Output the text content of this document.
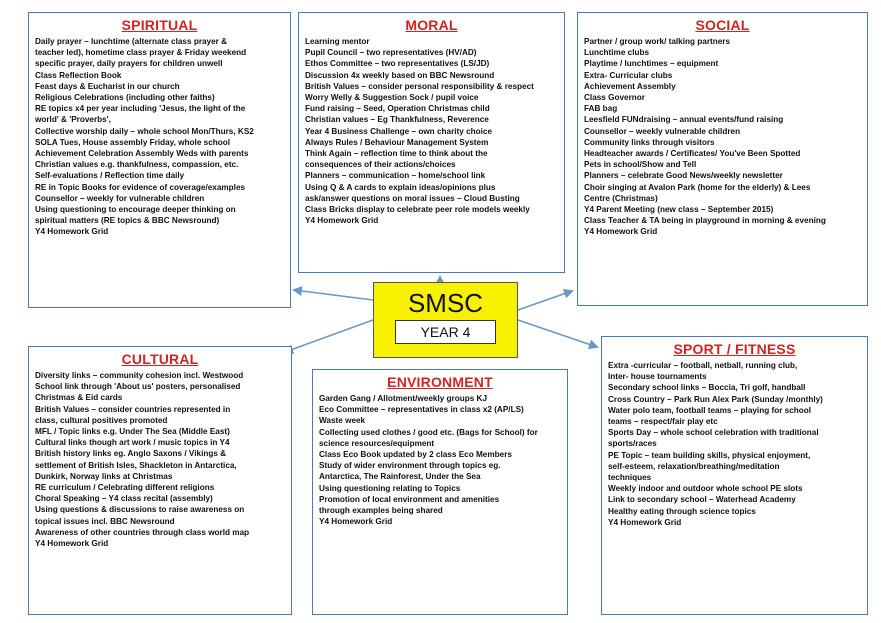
SPIRITUAL
Daily prayer – lunchtime (alternate class prayer &
teacher led), hometime class prayer & Friday weekend
specific prayer, daily prayers for children unwell
Class Reflection Book
Feast days & Eucharist in our church
Religious Celebrations (including other faiths)
RE topics x4 per year including 'Jesus, the light of the
world' & 'Proverbs',
Collective worship daily – whole school Mon/Thurs, KS2
SOLA Tues, House assembly Friday, whole school
Achievement Celebration Assembly Weds with parents
Christian values e.g. thankfulness, compassion, etc.
Self-evaluations / Reflection time daily
RE in Topic Books for evidence of coverage/examples
Counsellor – weekly for vulnerable children
Using questioning to encourage deeper thinking on
spiritual matters (RE topics & BBC Newsround)
Y4 Homework Grid
MORAL
Learning mentor
Pupil Council – two representatives (HV/AD)
Ethos Committee – two representatives (LS/JD)
Discussion 4x weekly based on BBC Newsround
British Values – consider personal responsibility & respect
Worry Welly & Suggestion Sock / pupil voice
Fund raising – Seed, Operation Christmas child
Christian values – Eg Thankfulness, Reverence
Year 4 Business Challenge – own charity choice
Always Rules / Behaviour Management System
Think Again – reflection time to think about the
consequences of their actions/choices
Planners – communication – home/school link
Using Q & A cards to explain ideas/opinions plus
ask/answer questions on moral issues – Cloud Busting
Class Bricks display to celebrate peer role models weekly
Y4 Homework Grid
SOCIAL
Partner / group work/ talking partners
Lunchtime clubs
Playtime / lunchtimes – equipment
Extra- Curricular clubs
Achievement Assembly
Class Governor
FAB bag
Leesfield FUNdraising – annual events/fund raising
Counsellor – weekly vulnerable children
Community links through visitors
Headteacher awards / Certificates/ You've Been Spotted
Pets in school/Show and Tell
Planners – celebrate Good News/weekly newsletter
Choir singing at Avalon Park (home for the elderly) & Lees
Centre (Christmas)
Y4 Parent Meeting (new class – September 2015)
Class Teacher & TA being in playground in morning & evening
Y4 Homework Grid
SMSC
YEAR 4
CULTURAL
Diversity links – community cohesion incl. Westwood
School link through 'About us' posters, personalised
Christmas & Eid cards
British Values – consider countries represented in
class, cultural positives promoted
MFL / Topic links e.g. Under The Sea (Middle East)
Cultural links though art work / music topics in Y4
British history links eg. Anglo Saxons / Vikings &
settlement of British Isles, Shackleton in Antarctica,
Dunkirk, Norway links at Christmas
RE curriculum / Celebrating different religions
Choral Speaking – Y4 class recital (assembly)
Using questions & discussions to raise awareness on
topical issues incl. BBC Newsround
Awareness of other countries through class world map
Y4 Homework Grid
ENVIRONMENT
Garden Gang / Allotment/weekly groups KJ
Eco Committee – representatives in class x2 (AP/LS)
Waste week
Collecting used clothes / good etc. (Bags for School) for
science resources/equipment
Class Eco Book updated by 2 class Eco Members
Study of wider environment through topics eg.
Antarctica, The Rainforest, Under the Sea
Using questioning relating to Topics
Promotion of local environment and amenities
through examples being shared
Y4 Homework Grid
SPORT / FITNESS
Extra -curricular – football, netball, running club,
Inter- house tournaments
Secondary school links – Boccia, Tri golf, handball
Cross Country – Park Run Alex Park (Sunday /monthly)
Water polo team, football teams – playing for school
teams – respect/fair play etc
Sports Day – whole school celebration with traditional
sports/races
PE Topic – team building skills, physical enjoyment,
self-esteem, relaxation/breathing/meditation
techniques
Weekly indoor and outdoor whole school PE slots
Link to secondary school – Waterhead Academy
Healthy eating through science topics
Y4 Homework Grid
